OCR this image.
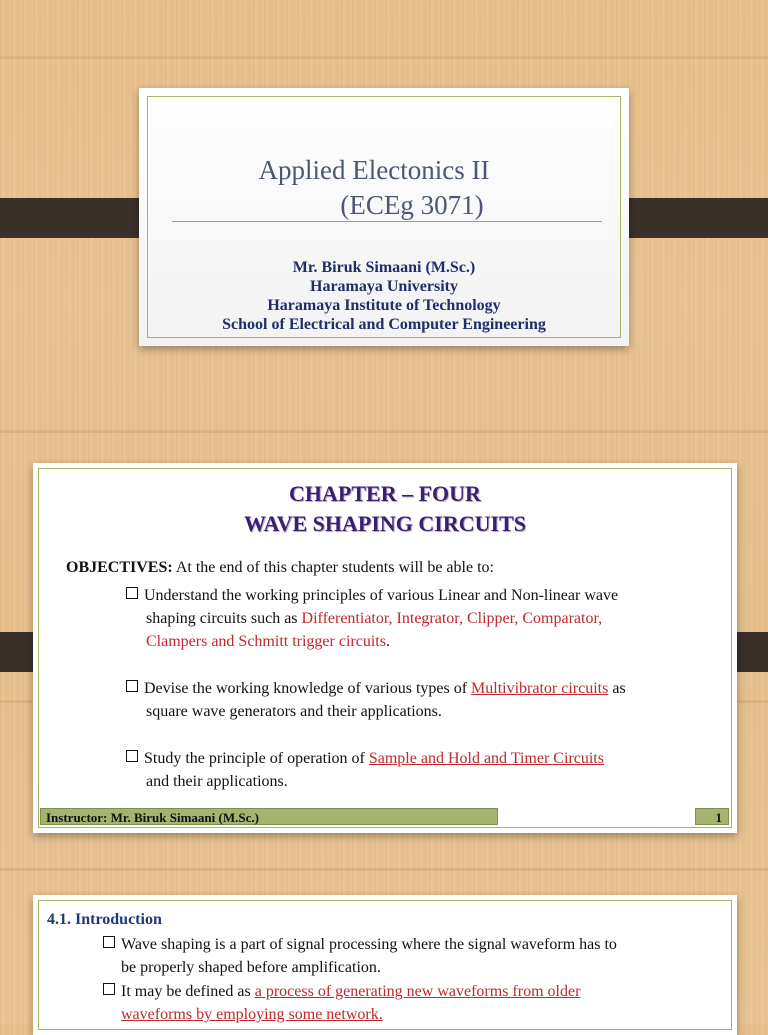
Applied Electonics II
(ECEg 3071)
Mr. Biruk Simaani (M.Sc.)
Haramaya University
Haramaya Institute of Technology
School of Electrical and Computer Engineering
CHAPTER – FOUR
WAVE SHAPING CIRCUITS
OBJECTIVES: At the end of this chapter students will be able to:
Understand the working principles of various Linear and Non-linear wave
shaping circuits such as Differentiator, Integrator, Clipper, Comparator,
Clampers and Schmitt trigger circuits.
Devise the working knowledge of various types of Multivibrator circuits as
square wave generators and their applications.
Study the principle of operation of Sample and Hold and Timer Circuits
and their applications.
Instructor: Mr. Biruk Simaani (M.Sc.)	1
4.1. Introduction
Wave shaping is a part of signal processing where the signal waveform has to
be properly shaped before amplification.
It may be defined as a process of generating new waveforms from older
waveforms by employing some network.
